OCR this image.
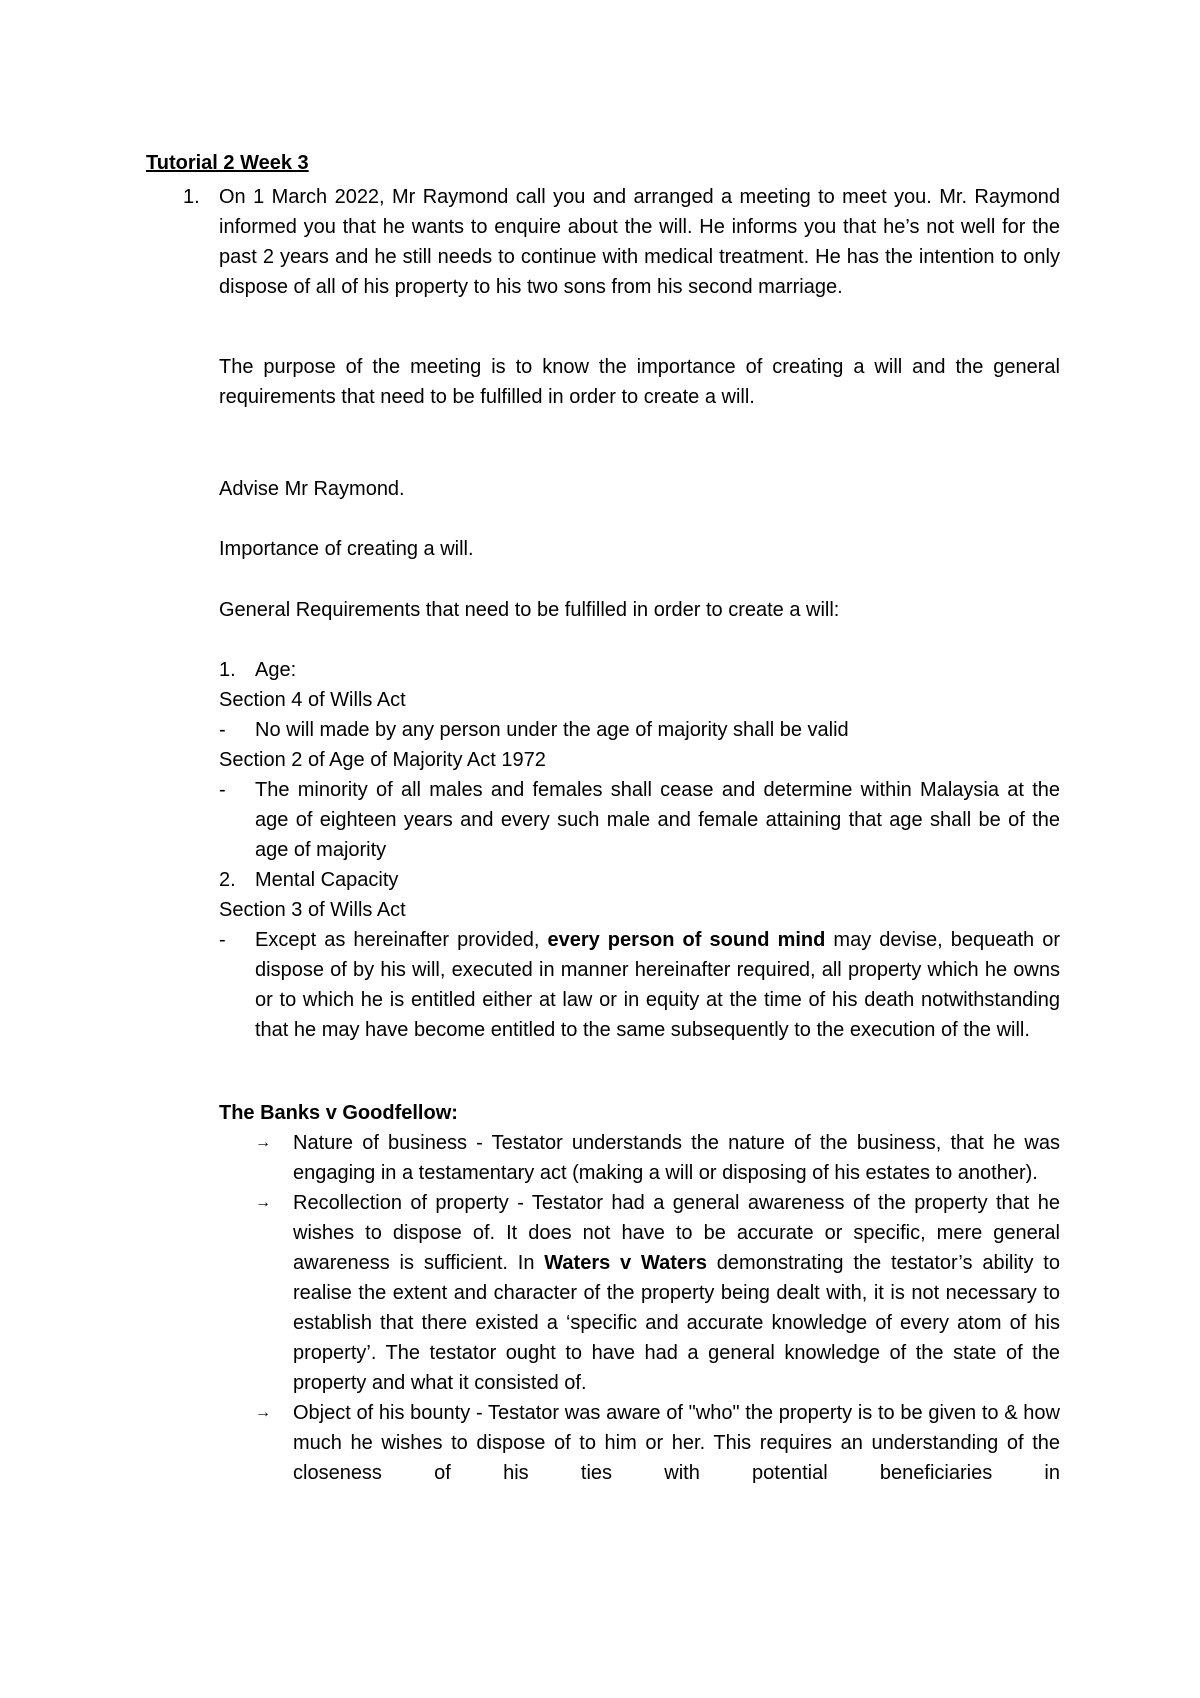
Tutorial 2 Week 3
1. On 1 March 2022, Mr Raymond call you and arranged a meeting to meet you. Mr. Raymond informed you that he wants to enquire about the will. He informs you that he’s not well for the past 2 years and he still needs to continue with medical treatment. He has the intention to only dispose of all of his property to his two sons from his second marriage.
The purpose of the meeting is to know the importance of creating a will and the general requirements that need to be fulfilled in order to create a will.
Advise Mr Raymond.
Importance of creating a will.
General Requirements that need to be fulfilled in order to create a will:
1. Age:
Section 4 of Wills Act
- No will made by any person under the age of majority shall be valid
Section 2 of Age of Majority Act 1972
- The minority of all males and females shall cease and determine within Malaysia at the age of eighteen years and every such male and female attaining that age shall be of the age of majority
2. Mental Capacity
Section 3 of Wills Act
- Except as hereinafter provided, every person of sound mind may devise, bequeath or dispose of by his will, executed in manner hereinafter required, all property which he owns or to which he is entitled either at law or in equity at the time of his death notwithstanding that he may have become entitled to the same subsequently to the execution of the will.
The Banks v Goodfellow:
→ Nature of business - Testator understands the nature of the business, that he was engaging in a testamentary act (making a will or disposing of his estates to another).
→ Recollection of property - Testator had a general awareness of the property that he wishes to dispose of. It does not have to be accurate or specific, mere general awareness is sufficient. In Waters v Waters demonstrating the testator’s ability to realise the extent and character of the property being dealt with, it is not necessary to establish that there existed a ‘specific and accurate knowledge of every atom of his property’. The testator ought to have had a general knowledge of the state of the property and what it consisted of.
→ Object of his bounty - Testator was aware of "who" the property is to be given to & how much he wishes to dispose of to him or her. This requires an understanding of the closeness of his ties with potential beneficiaries in
